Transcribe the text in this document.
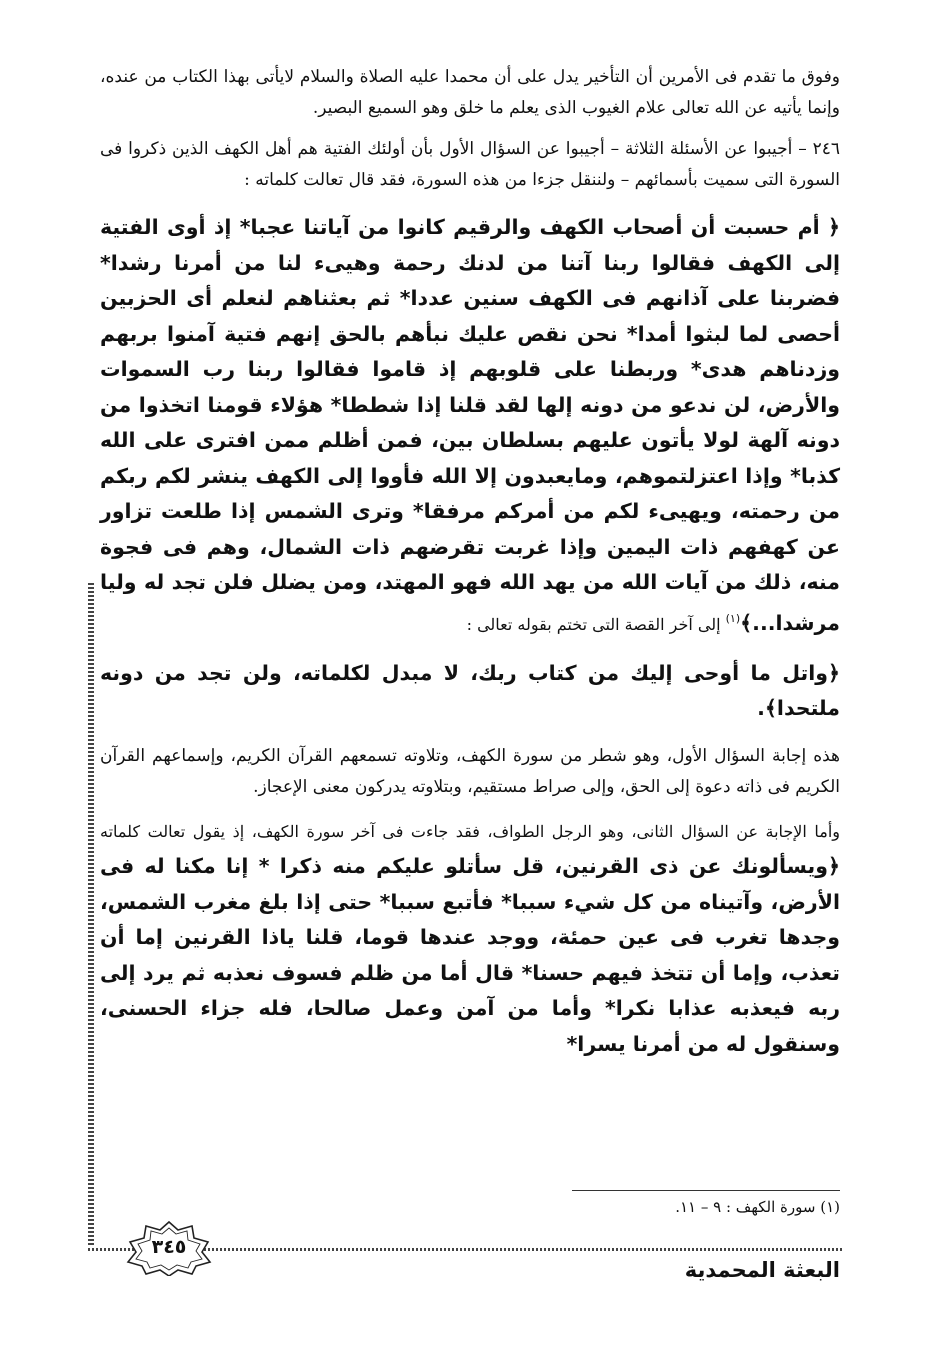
وفوق ما تقدم فى الأمرين أن التأخير يدل على أن محمدا عليه الصلاة والسلام لايأتى بهذا الكتاب من عنده، وإنما يأتيه عن الله تعالى علام الغيوب الذى يعلم ما خلق وهو السميع البصير.

٢٤٦ – أجيبوا عن الأسئلة الثلاثة – أجيبوا عن السؤال الأول بأن أولئك الفتية هم أهل الكهف الذين ذكروا فى السورة التى سميت بأسمائهم – ولننقل جزءا من هذه السورة، فقد قال تعالت كلماته :

﴿ أم حسبت أن أصحاب الكهف والرقيم كانوا من آياتنا عجبا* إذ أوى الفتية إلى الكهف فقالوا ربنا آتنا من لدنك رحمة وهيىء لنا من أمرنا رشدا* فضربنا على آذانهم فى الكهف سنين عددا* ثم بعثناهم لنعلم أى الحزبين أحصى لما لبثوا أمدا* نحن نقص عليك نبأهم بالحق إنهم فتية آمنوا بربهم وزدناهم هدى* وربطنا على قلوبهم إذ قاموا فقالوا ربنا رب السموات والأرض، لن ندعو من دونه إلها لقد قلنا إذا شططا* هؤلاء قومنا اتخذوا من دونه آلهة لولا يأتون عليهم بسلطان بين، فمن أظلم ممن افترى على الله كذبا* وإذا اعتزلتموهم، ومايعبدون إلا الله فأووا إلى الكهف ينشر لكم ربكم من رحمته، ويهيىء لكم من أمركم مرفقا* وترى الشمس إذا طلعت تزاور عن كهفهم ذات اليمين وإذا غربت تقرضهم ذات الشمال، وهم فى فجوة منه، ذلك من آيات الله من يهد الله فهو المهتد، ومن يضلل فلن تجد له وليا مرشدا...﴾$^{(١)}$ إلى آخر القصة التى تختم بقوله تعالى :

﴿واتل ما أوحى إليك من كتاب ربك، لا مبدل لكلماته، ولن تجد من دونه ملتحدا﴾.

هذه إجابة السؤال الأول، وهو شطر من سورة الكهف، وتلاوته تسمعهم القرآن الكريم، وإسماعهم القرآن الكريم فى ذاته دعوة إلى الحق، وإلى صراط مستقيم، وبتلاوته يدركون معنى الإعجاز.

وأما الإجابة عن السؤال الثانى، وهو الرجل الطواف، فقد جاءت فى آخر سورة الكهف، إذ يقول تعالت كلماته ﴿ويسألونك عن ذى القرنين، قل سأتلو عليكم منه ذكرا * إنا مكنا له فى الأرض، وآتيناه من كل شيء سببا* فأتبع سببا* حتى إذا بلغ مغرب الشمس، وجدها تغرب فى عين حمئة، ووجد عندها قوما، قلنا ياذا القرنين إما أن تعذب، وإما أن تتخذ فيهم حسنا* قال أما من ظلم فسوف نعذبه ثم يرد إلى ربه فيعذبه عذابا نكرا* وأما من آمن وعمل صالحا، فله جزاء الحسنى، وسنقول له من أمرنا يسرا*

(١) سورة الكهف : ٩ – ١١.
٣٤٥
البعثة المحمدية
